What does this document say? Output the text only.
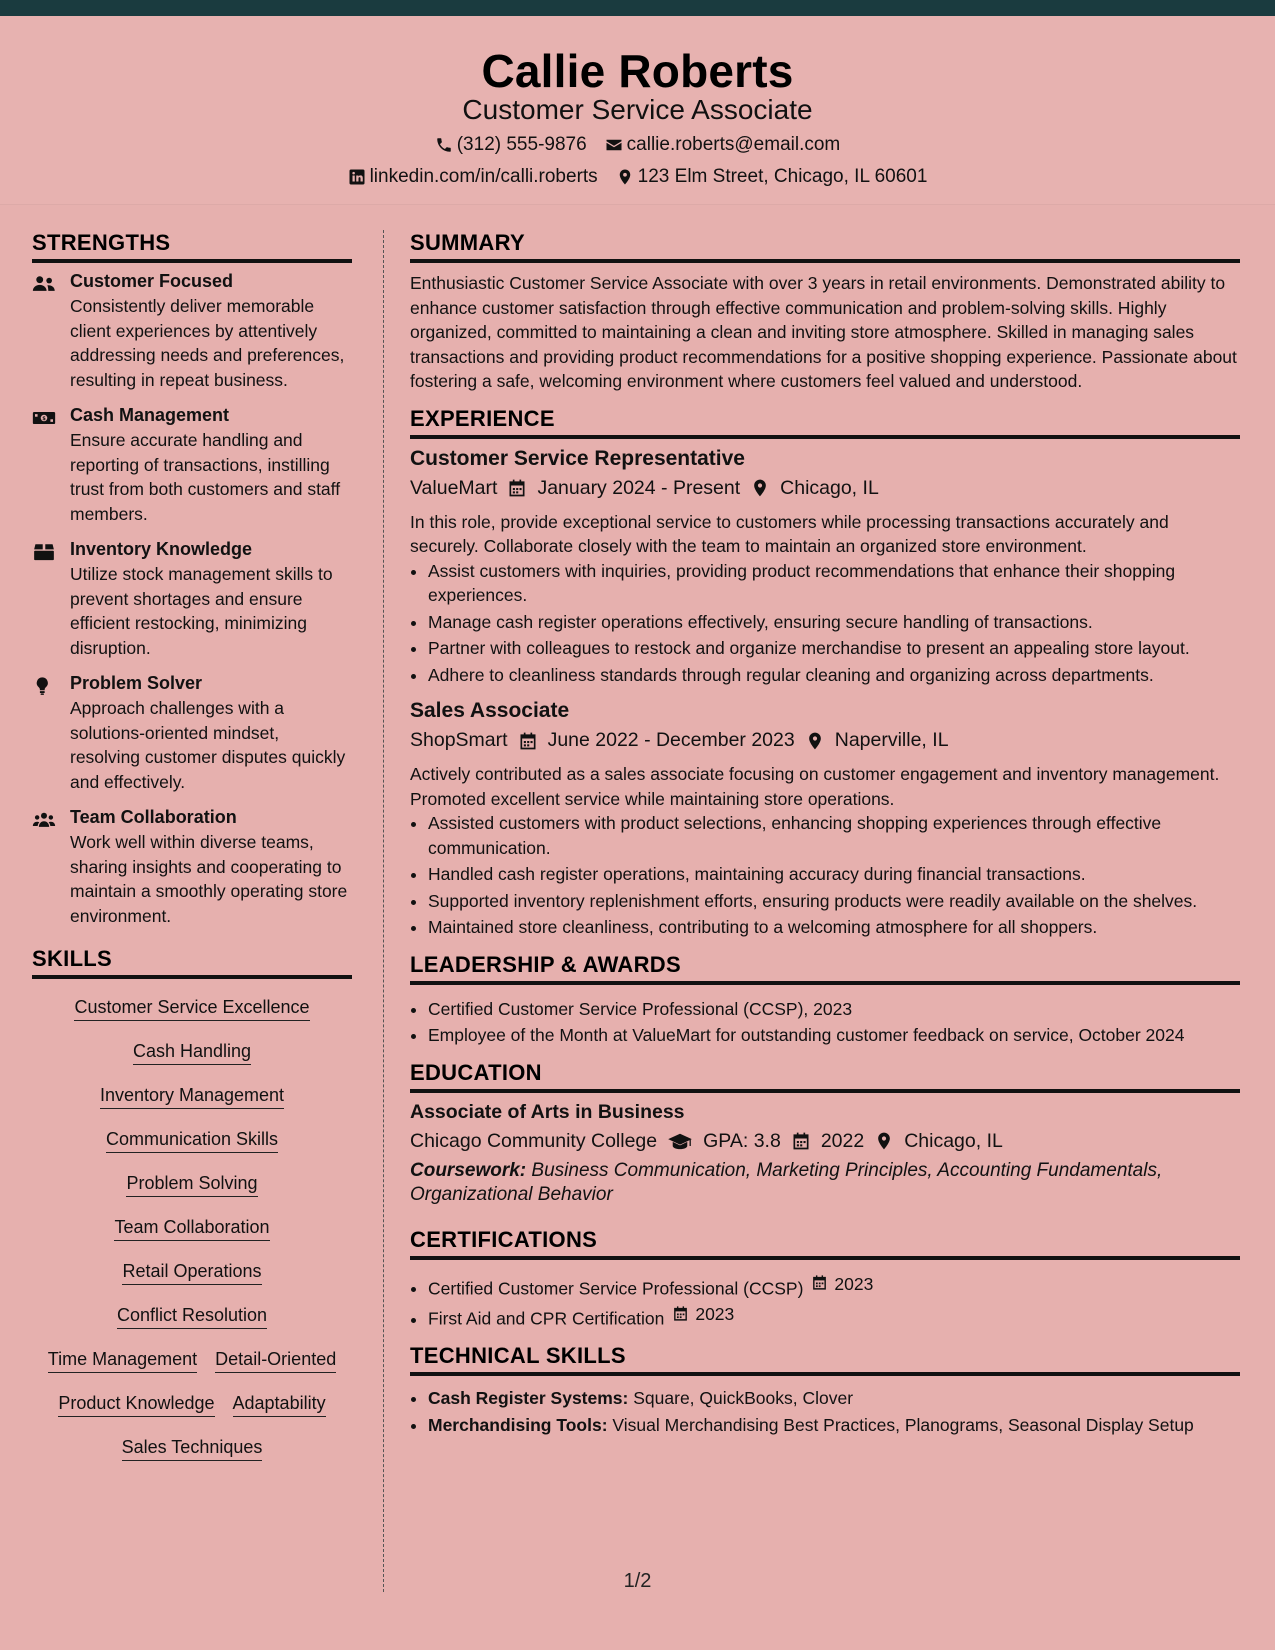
Callie Roberts
Customer Service Associate
(312) 555-9876 callie.roberts@email.com
linkedin.com/in/calli.roberts 123 Elm Street, Chicago, IL 60601
STRENGTHS
Customer Focused
Consistently deliver memorable client experiences by attentively addressing needs and preferences, resulting in repeat business.
$ Cash Management
Ensure accurate handling and reporting of transactions, instilling trust from both customers and staff members.
Inventory Knowledge
Utilize stock management skills to prevent shortages and ensure efficient restocking, minimizing disruption.
Problem Solver
Approach challenges with a solutions-oriented mindset, resolving customer disputes quickly and effectively.
Team Collaboration
Work well within diverse teams, sharing insights and cooperating to maintain a smoothly operating store environment.
SKILLS
Customer Service Excellence
Cash Handling
Inventory Management
Communication Skills
Problem Solving
Team Collaboration
Retail Operations
Conflict Resolution
Time Management Detail-Oriented
Product Knowledge Adaptability
Sales Techniques
SUMMARY
Enthusiastic Customer Service Associate with over 3 years in retail environments. Demonstrated ability to enhance customer satisfaction through effective communication and problem-solving skills. Highly organized, committed to maintaining a clean and inviting store atmosphere. Skilled in managing sales transactions and providing product recommendations for a positive shopping experience. Passionate about fostering a safe, welcoming environment where customers feel valued and understood.
EXPERIENCE
Customer Service Representative
ValueMart January 2024 - Present Chicago, IL
In this role, provide exceptional service to customers while processing transactions accurately and securely. Collaborate closely with the team to maintain an organized store environment.
• Assist customers with inquiries, providing product recommendations that enhance their shopping experiences.
• Manage cash register operations effectively, ensuring secure handling of transactions.
• Partner with colleagues to restock and organize merchandise to present an appealing store layout.
• Adhere to cleanliness standards through regular cleaning and organizing across departments.
Sales Associate
ShopSmart June 2022 - December 2023 Naperville, IL
Actively contributed as a sales associate focusing on customer engagement and inventory management. Promoted excellent service while maintaining store operations.
• Assisted customers with product selections, enhancing shopping experiences through effective communication.
• Handled cash register operations, maintaining accuracy during financial transactions.
• Supported inventory replenishment efforts, ensuring products were readily available on the shelves.
• Maintained store cleanliness, contributing to a welcoming atmosphere for all shoppers.
LEADERSHIP & AWARDS
• Certified Customer Service Professional (CCSP), 2023
• Employee of the Month at ValueMart for outstanding customer feedback on service, October 2024
EDUCATION
Associate of Arts in Business
Chicago Community College GPA: 3.8 2022 Chicago, IL
Coursework: Business Communication, Marketing Principles, Accounting Fundamentals, Organizational Behavior
CERTIFICATIONS
• Certified Customer Service Professional (CCSP) 2023
• First Aid and CPR Certification 2023
TECHNICAL SKILLS
• Cash Register Systems: Square, QuickBooks, Clover
• Merchandising Tools: Visual Merchandising Best Practices, Planograms, Seasonal Display Setup
1/2
